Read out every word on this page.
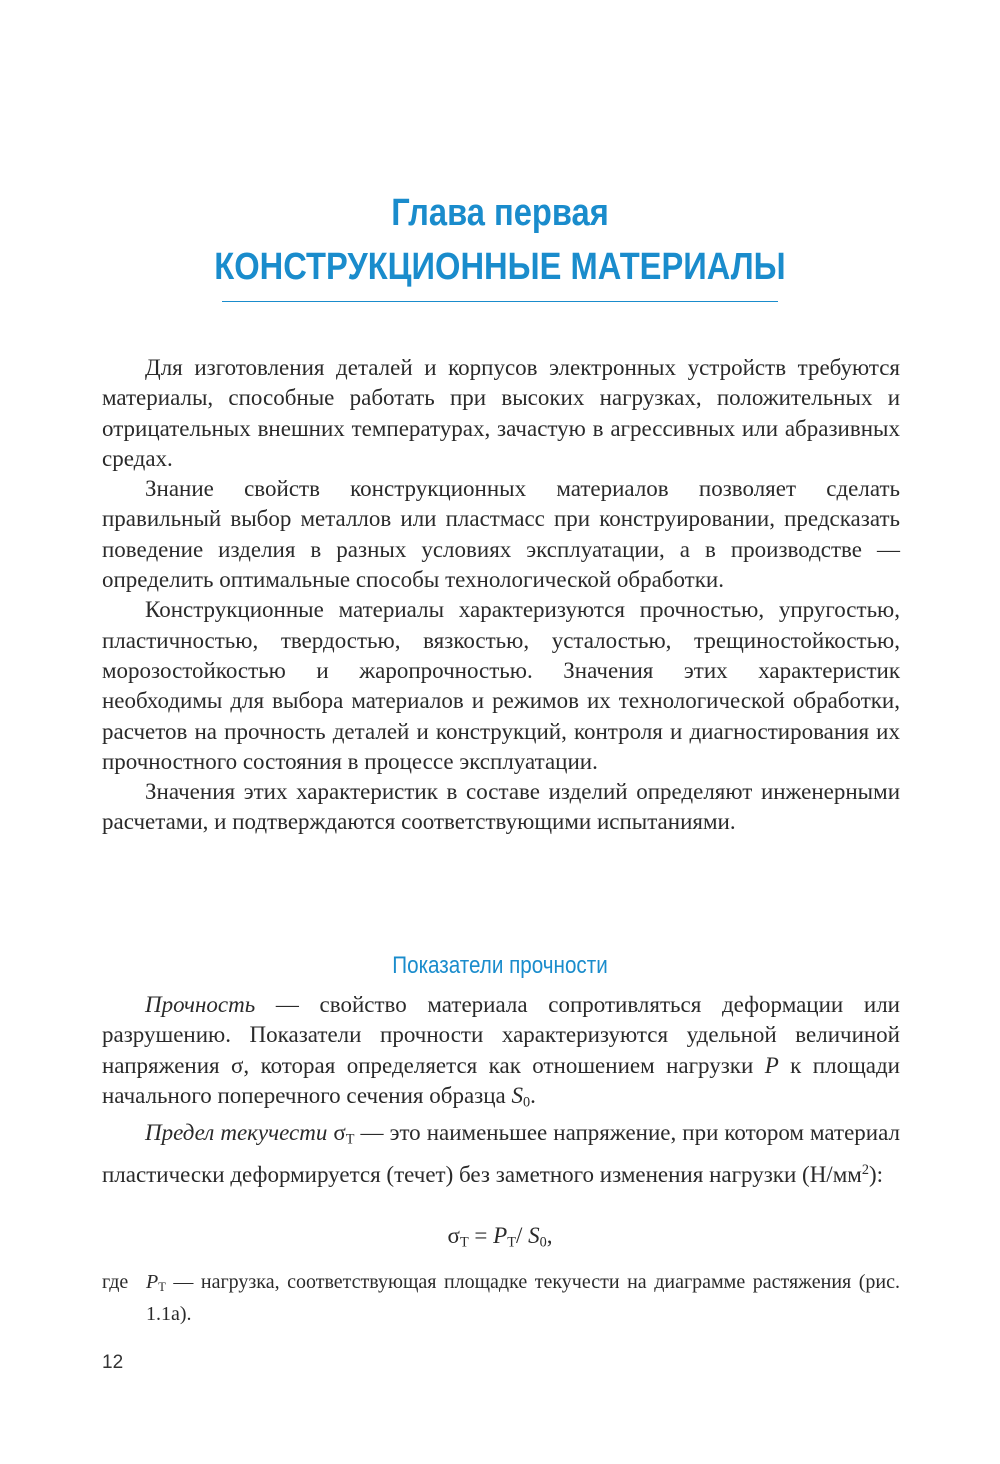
Глава первая
КОНСТРУКЦИОННЫЕ МАТЕРИАЛЫ

Для изготовления деталей и корпусов электронных устройств требуются материалы, способные работать при высоких нагрузках, положительных и отрицательных внешних температурах, зачастую в агрессивных или абразивных средах.

Знание свойств конструкционных материалов позволяет сделать правильный выбор металлов или пластмасс при конструировании, предсказать поведение изделия в разных условиях эксплуатации, а в производстве — определить оптимальные способы технологической обработки.

Конструкционные материалы характеризуются прочностью, упругостью, пластичностью, твердостью, вязкостью, усталостью, трещиностойкостью, морозостойкостью и жаропрочностью. Значения этих характеристик необходимы для выбора материалов и режимов их технологической обработки, расчетов на прочность деталей и конструкций, контроля и диагностирования их прочностного состояния в процессе эксплуатации.

Значения этих характеристик в составе изделий определяют инженерными расчетами, и подтверждаются соответствующими испытаниями.

Показатели прочности

Прочность — свойство материала сопротивляться деформации или разрушению. Показатели прочности характеризуются удельной величиной напряжения σ, которая определяется как отношением нагрузки P к площади начального поперечного сечения образца $S_0$.

Предел текучести $\sigma_Т$ — это наименьшее напряжение, при котором материал пластически деформируется (течет) без заметного изменения нагрузки $(Н/мм^2)$:

$\sigma_Т = P_Т/$ $S_0$,
где $P_Т$ — нагрузка, соответствующая площадке текучести на диаграмме растяжения (рис. 1.1а).
12
